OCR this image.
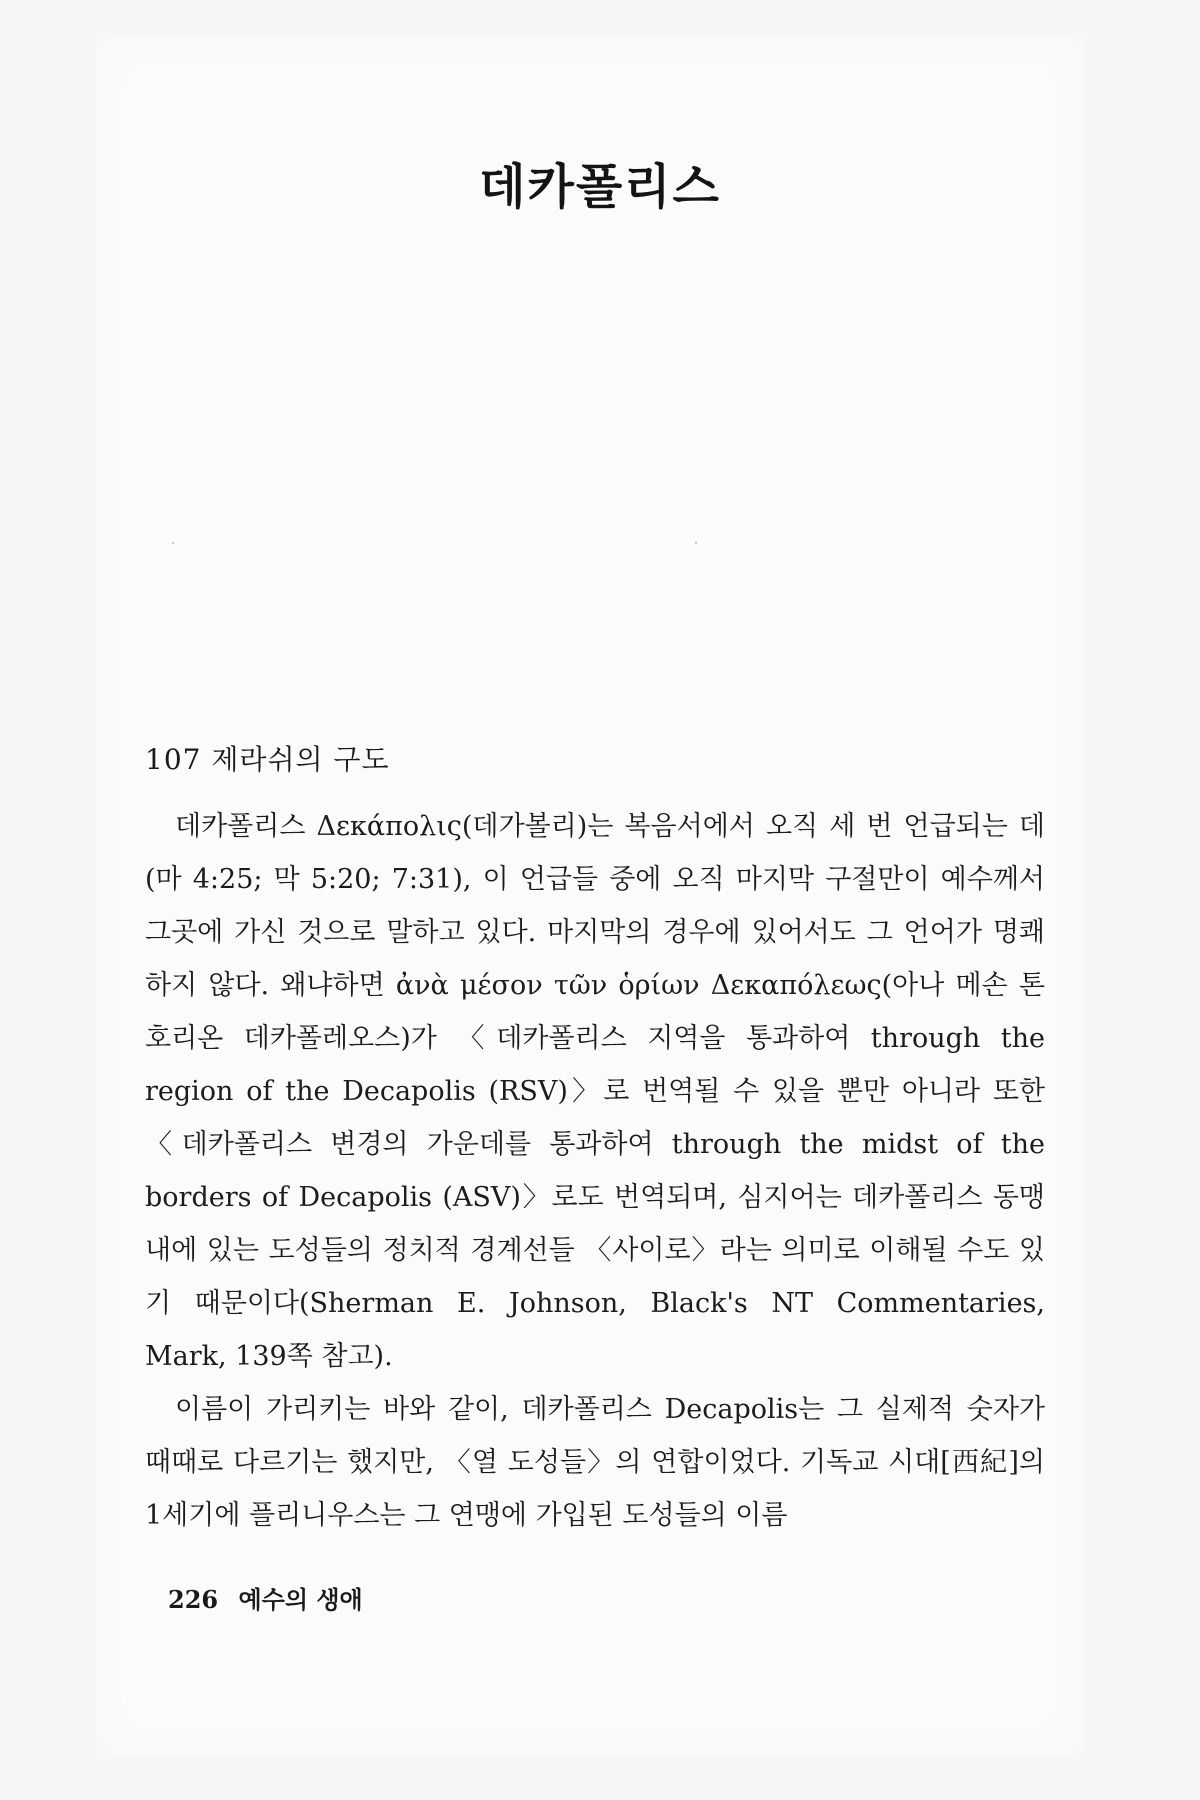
데카폴리스
107 제라쉬의 구도

데카폴리스 Δεκάπολις(데가볼리)는 복음서에서 오직 세 번 언급되는 데(마 4:25; 막 5:20; 7:31), 이 언급들 중에 오직 마지막 구절만이 예수께서 그곳에 가신 것으로 말하고 있다. 마지막의 경우에 있어서도 그 언어가 명쾌하지 않다. 왜냐하면 ἀνὰ μέσον τῶν ὁρίων Δεκαπόλεως(아나 메손 톤 호리온 데카폴레오스)가 〈데카폴리스 지역을 통과하여 through the region of the Decapolis (RSV)〉로 번역될 수 있을 뿐만 아니라 또한 〈데카폴리스 변경의 가운데를 통과하여 through the midst of the borders of Decapolis (ASV)〉로도 번역되며, 심지어는 데카폴리스 동맹 내에 있는 도성들의 정치적 경계선들 〈사이로〉라는 의미로 이해될 수도 있기 때문이다(Sherman E. Johnson, Black's NT Commentaries, Mark, 139쪽 참고).

이름이 가리키는 바와 같이, 데카폴리스 Decapolis는 그 실제적 숫자가 때때로 다르기는 했지만, 〈열 도성들〉의 연합이었다. 기독교 시대[西紀]의 1세기에 플리니우스는 그 연맹에 가입된 도성들의 이름

226 예수의 생애
